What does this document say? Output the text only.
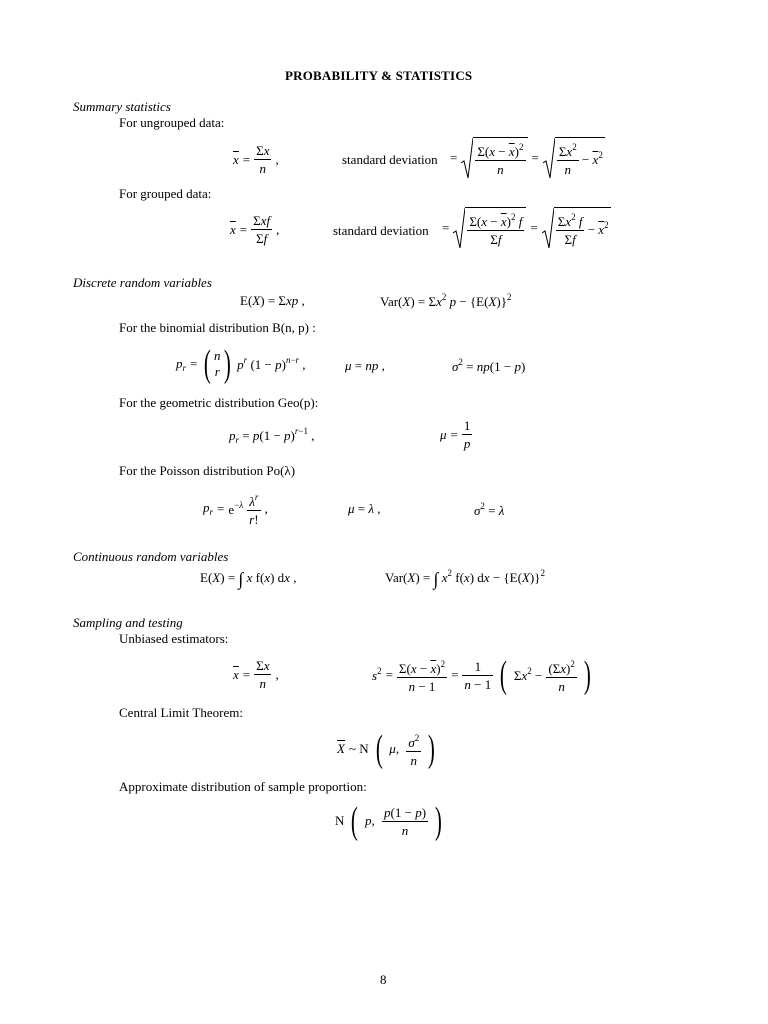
PROBABILITY & STATISTICS
Summary statistics
For ungrouped data:
$\overline{x} = \frac{\Sigma x}{n}$ ,	standard deviation = $\frac{\Sigma(x - \overline{x})^2}{n} = \frac{\Sigma x^2}{n} - \overline{x}^2$
For grouped data:
$\overline{x} = \frac{\text{Σxf}}{\Sigma f}$ ,	standard deviation = $\frac{\Sigma(x - \overline{x})^2 f}{\Sigma f} = \frac{\Sigma x^2 f}{\Sigma f} - \overline{x}^2$
Discrete random variables
E(X) = Σxp ,	$Var(X) = \Sigma x^2$ $p - \{E(X)\}^2$
For the binomial distribution B(n, p) :
$p_r$ = ( n
r ) $p^r$ $(1 - p)^{n-r}$ ,	μ = np ,	$\sigma^2 = np(1 - p)$
For the geometric distribution Geo(p):
$p_r = p(1 - p)^{r-1}$ ,	$\mu = \frac{1}{p}$
For the Poisson distribution Po(λ)
$p_r = e^{-\lambda} \frac{\lambda^r}{r!}$ ,	μ = λ ,	$\sigma^2 = \lambda$
Continuous random variables
E(X) = ∫ x f(x) dx ,	Var(X) = ∫ $x^2$ f(x) dx − $\{E(X)\}^2$
Sampling and testing
Unbiased estimators:
$\overline{x} = \frac{\Sigma x}{n}$ ,	$s^2 = \frac{\Sigma(x - \overline{x})^2}{n - 1} = \frac{1}{n - 1}$ ( $\Sigma x^2 - \frac{(\Sigma x)^2}{n}$ )
Central Limit Theorem:
$\overline{X}$ ~ N ( μ, $\frac{\sigma^2}{n}$ )
Approximate distribution of sample proportion:
N ( p, $\frac{p(1 - p)}{n}$ )
8
